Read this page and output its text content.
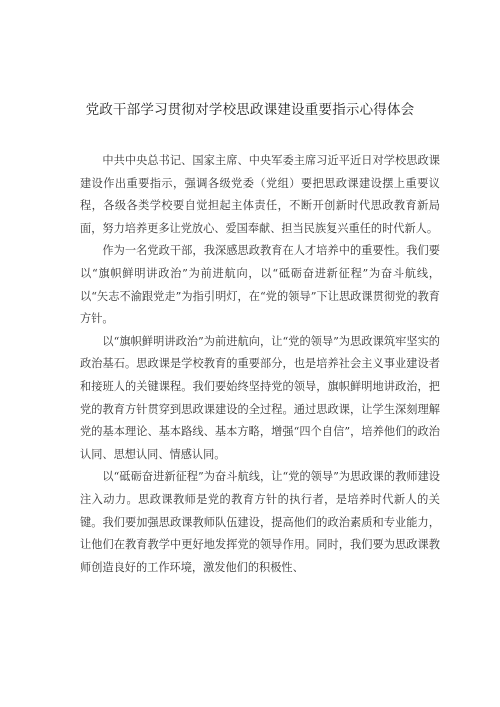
党政干部学习贯彻对学校思政课建设重要指示心得体会

中共中央总书记、国家主席、中央军委主席习近平近日对学校思政课建设作出重要指示，强调各级党委（党组）要把思政课建设摆上重要议程，各级各类学校要自觉担起主体责任，不断开创新时代思政教育新局面，努力培养更多让党放心、爱国奉献、担当民族复兴重任的时代新人。

作为一名党政干部，我深感思政教育在人才培养中的重要性。我们要以“旗帜鲜明讲政治”为前进航向，以“砥砺奋进新征程”为奋斗航线，以“矢志不渝跟党走”为指引明灯，在“党的领导”下让思政课贯彻党的教育方针。

以“旗帜鲜明讲政治”为前进航向，让“党的领导”为思政课筑牢坚实的政治基石。思政课是学校教育的重要部分，也是培养社会主义事业建设者和接班人的关键课程。我们要始终坚持党的领导，旗帜鲜明地讲政治，把党的教育方针贯穿到思政课建设的全过程。通过思政课，让学生深刻理解党的基本理论、基本路线、基本方略，增强“四个自信”，培养他们的政治认同、思想认同、情感认同。

以“砥砺奋进新征程”为奋斗航线，让“党的领导”为思政课的教师建设注入动力。思政课教师是党的教育方针的执行者，是培养时代新人的关键。我们要加强思政课教师队伍建设，提高他们的政治素质和专业能力，让他们在教育教学中更好地发挥党的领导作用。同时，我们要为思政课教师创造良好的工作环境，激发他们的积极性、
